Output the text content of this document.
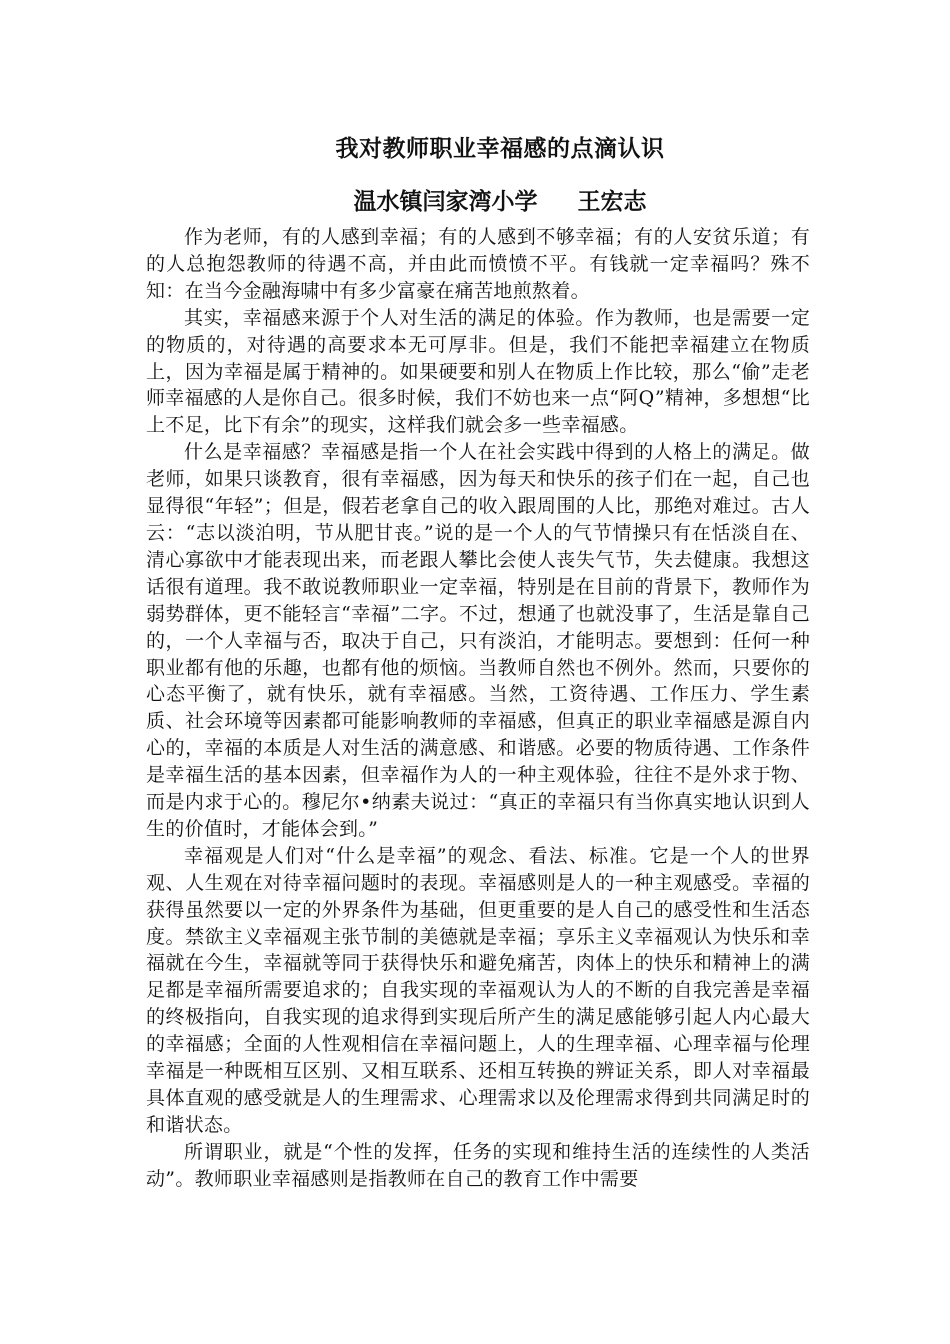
我对教师职业幸福感的点滴认识
温水镇闫家湾小学 王宏志

作为老师，有的人感到幸福；有的人感到不够幸福；有的人安贫乐道；有的人总抱怨教师的待遇不高，并由此而愤愤不平。有钱就一定幸福吗？殊不知：在当今金融海啸中有多少富豪在痛苦地煎熬着。

其实，幸福感来源于个人对生活的满足的体验。作为教师，也是需要一定的物质的，对待遇的高要求本无可厚非。但是，我们不能把幸福建立在物质上，因为幸福是属于精神的。如果硬要和别人在物质上作比较，那么“偷”走老师幸福感的人是你自己。很多时候，我们不妨也来一点“阿Q”精神，多想想“比上不足，比下有余”的现实，这样我们就会多一些幸福感。

什么是幸福感？幸福感是指一个人在社会实践中得到的人格上的满足。做老师，如果只谈教育，很有幸福感，因为每天和快乐的孩子们在一起，自己也显得很“年轻”；但是，假若老拿自己的收入跟周围的人比，那绝对难过。古人云：“志以淡泊明，节从肥甘丧。”说的是一个人的气节情操只有在恬淡自在、清心寡欲中才能表现出来，而老跟人攀比会使人丧失气节，失去健康。我想这话很有道理。我不敢说教师职业一定幸福，特别是在目前的背景下，教师作为弱势群体，更不能轻言“幸福”二字。不过，想通了也就没事了，生活是靠自己的，一个人幸福与否，取决于自己，只有淡泊，才能明志。要想到：任何一种职业都有他的乐趣，也都有他的烦恼。当教师自然也不例外。然而，只要你的心态平衡了，就有快乐，就有幸福感。当然，工资待遇、工作压力、学生素质、社会环境等因素都可能影响教师的幸福感，但真正的职业幸福感是源自内心的，幸福的本质是人对生活的满意感、和谐感。必要的物质待遇、工作条件是幸福生活的基本因素，但幸福作为人的一种主观体验，往往不是外求于物、而是内求于心的。穆尼尔•纳素夫说过：“真正的幸福只有当你真实地认识到人生的价值时，才能体会到。”

幸福观是人们对“什么是幸福”的观念、看法、标准。它是一个人的世界观、人生观在对待幸福问题时的表现。幸福感则是人的一种主观感受。幸福的获得虽然要以一定的外界条件为基础，但更重要的是人自己的感受性和生活态度。禁欲主义幸福观主张节制的美德就是幸福；享乐主义幸福观认为快乐和幸福就在今生，幸福就等同于获得快乐和避免痛苦，肉体上的快乐和精神上的满足都是幸福所需要追求的；自我实现的幸福观认为人的不断的自我完善是幸福的终极指向，自我实现的追求得到实现后所产生的满足感能够引起人内心最大的幸福感；全面的人性观相信在幸福问题上，人的生理幸福、心理幸福与伦理幸福是一种既相互区别、又相互联系、还相互转换的辨证关系，即人对幸福最具体直观的感受就是人的生理需求、心理需求以及伦理需求得到共同满足时的和谐状态。

所谓职业，就是“个性的发挥，任务的实现和维持生活的连续性的人类活动”。教师职业幸福感则是指教师在自己的教育工作中需要
